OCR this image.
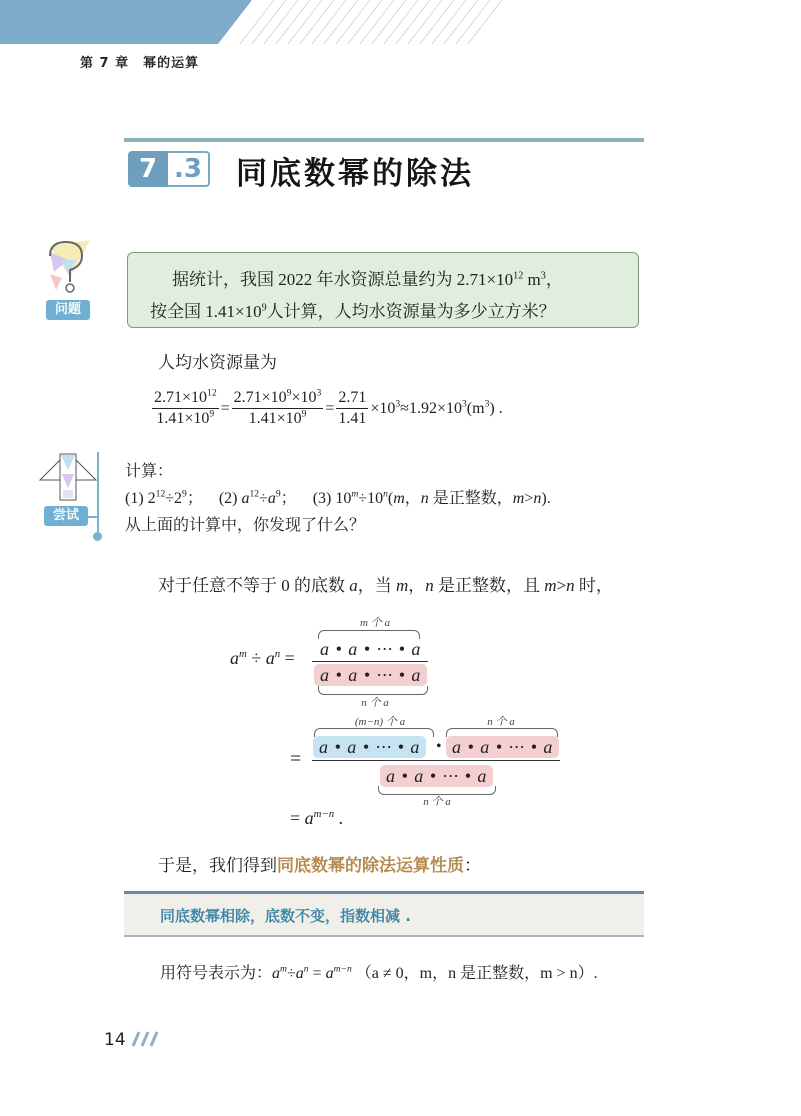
第 7 章　幂的运算
7 .3 同底数幂的除法
问题
据统计，我国 2022 年水资源总量约为 $2.71\times 10^{12}$ $m^3$，
按全国 $1.41\times 10^9$人计算，人均水资源量为多少立方米？
人均水资源量为
$\frac{2.71\times 10^{12}}{1.41\times 10^9} = \frac{2.71\times 10^9\times 10^3}{1.41\times 10^9} = \frac{2.71}{1.41} \times 10^3\approx 1.92\times 10^3(m^3)$ .
尝试
计算：
(1) $2^{12}\div 2^9$； (2) $a^{12}\div a^9$； (3) $10^m\div 10^n(m$，n 是正整数，m>n).
从上面的计算中，你发现了什么？
对于任意不等于 0 的底数 a，当 m，n 是正整数，且 m>n 时，
$a^m \div a^n$ =
m 个 a
a • a • ··· • a
a • a • ··· • a
n 个 a
=
(m−n) 个 a
a • a • ··· • a •
n 个 a
a • a • ··· • a
a • a • ··· • a
n 个 a
= $a^{m-n}$ .
于是，我们得到同底数幂的除法运算性质：
同底数幂相除，底数不变，指数相减 .
用符号表示为：$a^m\div a^n = a^{m-n}$ （a ≠ 0，m，n 是正整数，m > n）.
14
